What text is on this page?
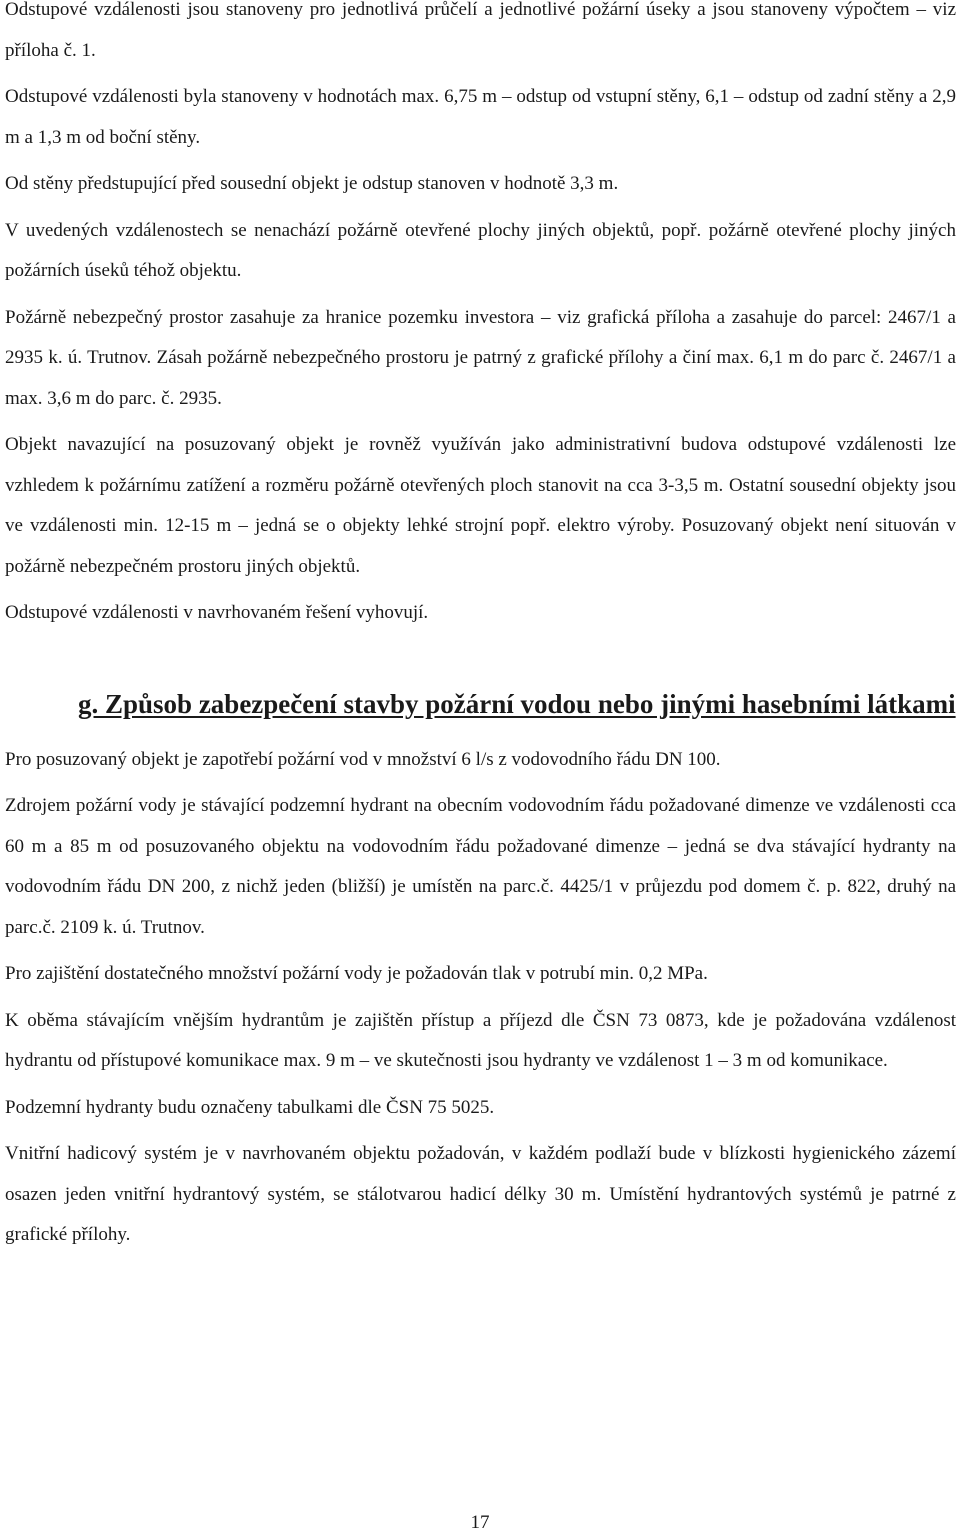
Odstupové vzdálenosti jsou stanoveny pro jednotlivá průčelí a jednotlivé požární úseky a jsou stanoveny výpočtem – viz příloha č. 1.

Odstupové vzdálenosti byla stanoveny v hodnotách max. 6,75 m – odstup od vstupní stěny, 6,1 – odstup od zadní stěny a 2,9 m a 1,3 m od boční stěny.

Od stěny předstupující před sousední objekt je odstup stanoven v hodnotě 3,3 m.

V uvedených vzdálenostech se nenachází požárně otevřené plochy jiných objektů, popř. požárně otevřené plochy jiných požárních úseků téhož objektu.

Požárně nebezpečný prostor zasahuje za hranice pozemku investora – viz grafická příloha a zasahuje do parcel: 2467/1 a 2935 k. ú. Trutnov. Zásah požárně nebezpečného prostoru je patrný z grafické přílohy a činí max. 6,1 m do parc č. 2467/1 a max. 3,6 m do parc. č. 2935.

Objekt navazující na posuzovaný objekt je rovněž využíván jako administrativní budova odstupové vzdálenosti lze vzhledem k požárnímu zatížení a rozměru požárně otevřených ploch stanovit na cca 3-3,5 m. Ostatní sousední objekty jsou ve vzdálenosti min. 12-15 m – jedná se o objekty lehké strojní popř. elektro výroby. Posuzovaný objekt není situován v požárně nebezpečném prostoru jiných objektů.

Odstupové vzdálenosti v navrhovaném řešení vyhovují.

g. Způsob zabezpečení stavby požární vodou nebo jinými hasebními látkami

Pro posuzovaný objekt je zapotřebí požární vod v množství 6 l/s z vodovodního řádu DN 100.

Zdrojem požární vody je stávající podzemní hydrant na obecním vodovodním řádu požadované dimenze ve vzdálenosti cca 60 m a 85 m od posuzovaného objektu na vodovodním řádu požadované dimenze – jedná se dva stávající hydranty na vodovodním řádu DN 200, z nichž jeden (bližší) je umístěn na parc.č. 4425/1 v průjezdu pod domem č. p. 822, druhý na parc.č. 2109 k. ú. Trutnov.

Pro zajištění dostatečného množství požární vody je požadován tlak v potrubí min. 0,2 MPa.

K oběma stávajícím vnějším hydrantům je zajištěn přístup a příjezd dle ČSN 73 0873, kde je požadována vzdálenost hydrantu od přístupové komunikace max. 9 m – ve skutečnosti jsou hydranty ve vzdálenost 1 – 3 m od komunikace.

Podzemní hydranty budu označeny tabulkami dle ČSN 75 5025.

Vnitřní hadicový systém je v navrhovaném objektu požadován, v každém podlaží bude v blízkosti hygienického zázemí osazen jeden vnitřní hydrantový systém, se stálotvarou hadicí délky 30 m. Umístění hydrantových systémů je patrné z grafické přílohy.

17
